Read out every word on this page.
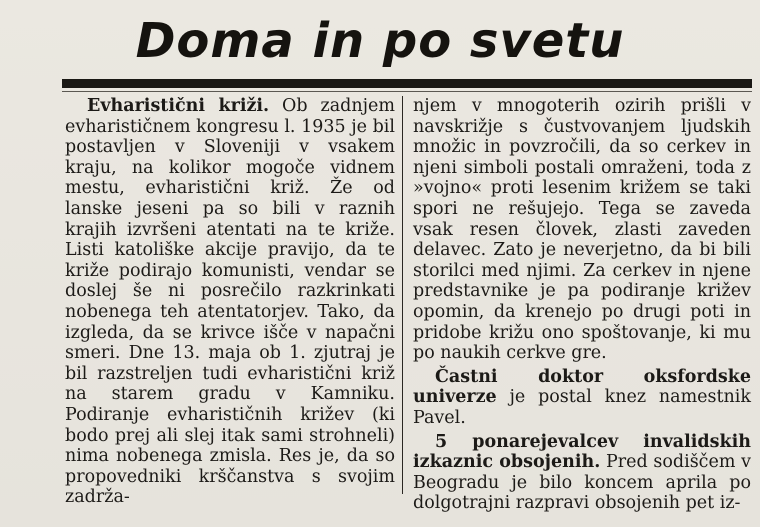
Doma in po svetu

Evharistični križi. Ob zadnjem evharističnem kongresu l. 1935 je bil postavljen v Sloveniji v vsakem kraju, na kolikor mogoče vidnem mestu, evharistični križ. Že od lanske jeseni pa so bili v raznih krajih izvršeni atentati na te križe. Listi katoliške akcije pravijo, da te križe podirajo komunisti, vendar se doslej še ni posrečilo razkrinkati nobenega teh atentatorjev. Tako, da izgleda, da se krivce išče v napačni smeri. Dne 13. maja ob 1. zjutraj je bil razstreljen tudi evharistični križ na starem gradu v Kamniku. Podiranje evharističnih križev (ki bodo prej ali slej itak sami strohneli) nima nobenega zmisla. Res je, da so propovedniki krščanstva s svojim zadrža-

njem v mnogoterih ozirih prišli v navskrižje s čustvovanjem ljudskih množic in povzročili, da so cerkev in njeni simboli postali omraženi, toda z »vojno« proti lesenim križem se taki spori ne rešujejo. Tega se zaveda vsak resen človek, zlasti zaveden delavec. Zato je neverjetno, da bi bili storilci med njimi. Za cerkev in njene predstavnike je pa podiranje križev opomin, da krenejo po drugi poti in pridobe križu ono spoštovanje, ki mu po naukih cerkve gre.

Častni doktor oksfordske univerze je postal knez namestnik Pavel.

5 ponarejevalcev invalidskih izkaznic obsojenih. Pred sodiščem v Beogradu je bilo koncem aprila po dolgotrajni razpravi obsojenih pet iz-
